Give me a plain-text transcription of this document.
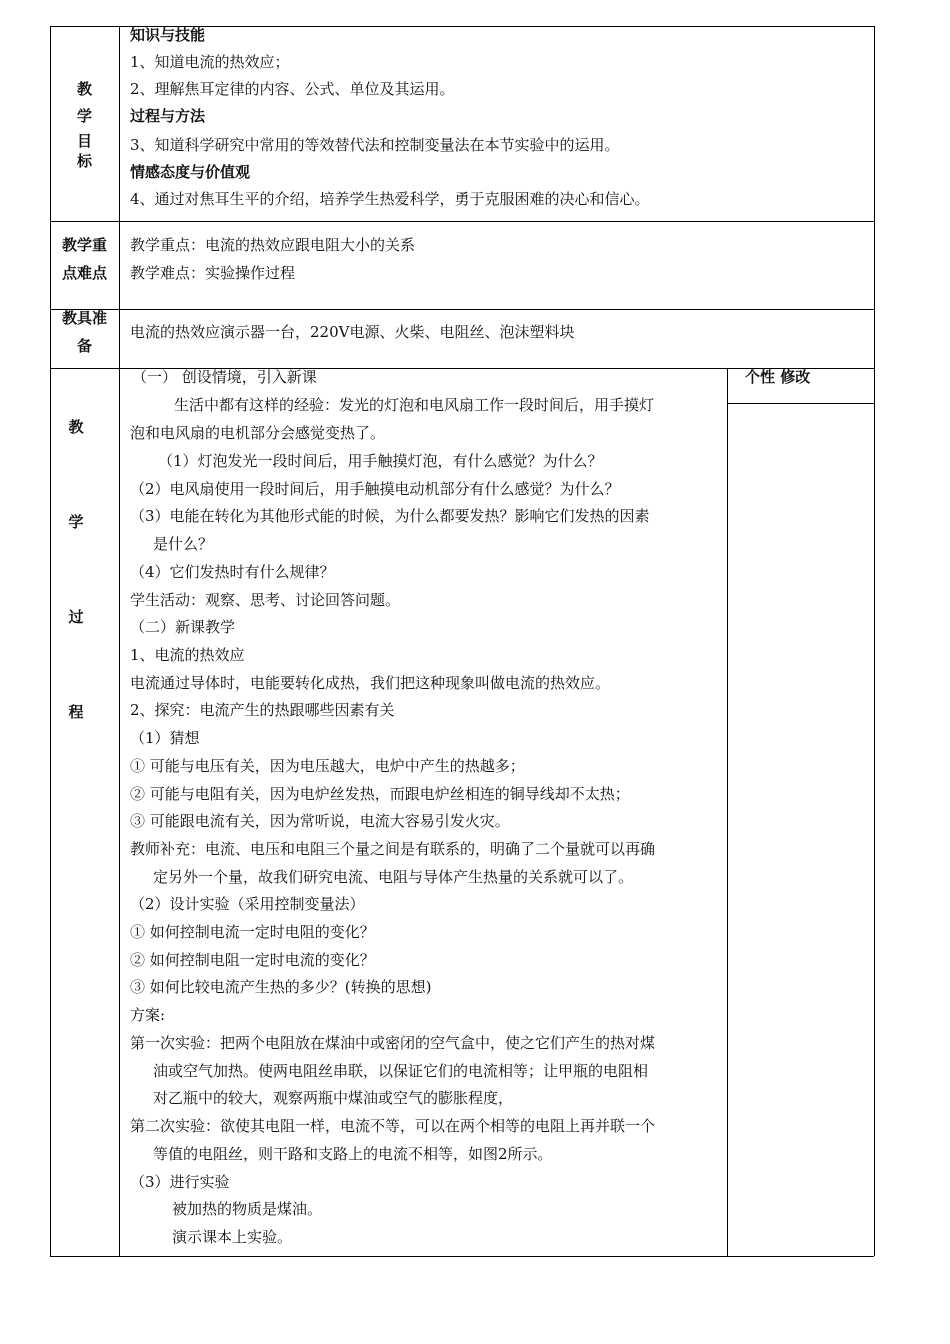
教
学
目
标
知识与技能
1、知道电流的热效应；
2、理解焦耳定律的内容、公式、单位及其运用。
过程与方法
3、知道科学研究中常用的等效替代法和控制变量法在本节实验中的运用。
情感态度与价值观
4、通过对焦耳生平的介绍，培养学生热爱科学，勇于克服困难的决心和信心。
教学重
点难点
教学重点：电流的热效应跟电阻大小的关系
教学难点：实验操作过程
教具准
备
电流的热效应演示器一台，220V电源、火柴、电阻丝、泡沫塑料块
教
学
过
程
个性 修改
（一） 创设情境，引入新课
生活中都有这样的经验：发光的灯泡和电风扇工作一段时间后，用手摸灯
泡和电风扇的电机部分会感觉变热了。
（1）灯泡发光一段时间后，用手触摸灯泡，有什么感觉？为什么？
（2）电风扇使用一段时间后，用手触摸电动机部分有什么感觉？为什么？
（3）电能在转化为其他形式能的时候，为什么都要发热？影响它们发热的因素
是什么？
（4）它们发热时有什么规律？
学生活动：观察、思考、讨论回答问题。
（二）新课教学
1、电流的热效应
电流通过导体时，电能要转化成热，我们把这种现象叫做电流的热效应。
2、探究：电流产生的热跟哪些因素有关
（1）猜想
① 可能与电压有关，因为电压越大，电炉中产生的热越多；
② 可能与电阻有关，因为电炉丝发热，而跟电炉丝相连的铜导线却不太热；
③ 可能跟电流有关，因为常听说，电流大容易引发火灾。
教师补充：电流、电压和电阻三个量之间是有联系的，明确了二个量就可以再确
定另外一个量，故我们研究电流、电阻与导体产生热量的关系就可以了。
（2）设计实验（采用控制变量法）
① 如何控制电流一定时电阻的变化？
② 如何控制电阻一定时电流的变化？
③ 如何比较电流产生热的多少？(转换的思想)
方案:
第一次实验：把两个电阻放在煤油中或密闭的空气盒中，使之它们产生的热对煤
油或空气加热。使两电阻丝串联，以保证它们的电流相等；让甲瓶的电阻相
对乙瓶中的较大，观察两瓶中煤油或空气的膨胀程度，
第二次实验：欲使其电阻一样，电流不等，可以在两个相等的电阻上再并联一个
等值的电阻丝，则干路和支路上的电流不相等，如图2所示。
（3）进行实验
被加热的物质是煤油。
演示课本上实验。
